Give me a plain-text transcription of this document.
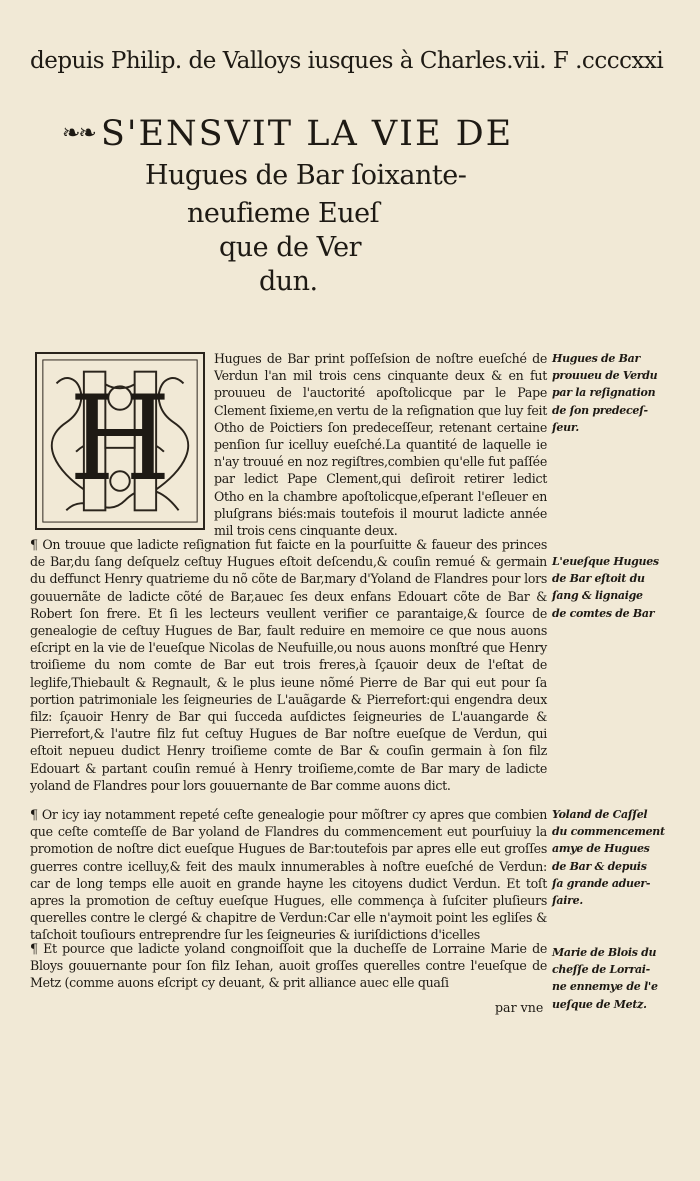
depuis Philip. de Valloys iusques à Charles.vii. F .ccccxxi
❧❧ S'ENSVIT LA VIE DE
Hugues de Bar ſoixante-
neufieme Eueſ
que de Ver
dun.
H

Hugues de Bar print poſſeſsion de noſtre eueſché de Verdun l'an mil trois cens cinquante deux & en fut prouueu de l'auctorité apoſtolicque par le Pape Clement ſixieme,en vertu de la reſignation que luy feit Otho de Poictiers ſon predeceſſeur, retenant certaine penſion ſur icelluy eueſché.La quantité de laquelle ie n'ay trouué en noz regiſtres,combien qu'elle fut paſſée par ledict Pape Clement,qui deſiroit retirer ledict Otho en la chambre apoſtolicque,eſperant l'eſleuer en pluſgrans biés:mais toutefois il mourut ladicte année mil trois cens cinquante deux.

¶ On trouue que ladicte reſignation fut faicte en la pourſuitte & faueur des princes de Bar,du ſang deſquelz ceſtuy Hugues eſtoit deſcendu,& couſin remué & germain du deffunct Henry quatrieme du nõ cõte de Bar,mary d'Yoland de Flandres pour lors gouuernãte de ladicte cõté de Bar,auec ſes deux enfans Edouart cõte de Bar & Robert ſon frere. Et ſi les lecteurs veullent verifier ce parantaige,& ſource de genealogie de ceſtuy Hugues de Bar, fault reduire en memoire ce que nous auons eſcript en la vie de l'eueſque Nicolas de Neufuille,ou nous auons monſtré que Henry troiſieme du nom comte de Bar eut trois freres,à ſçauoir deux de l'eſtat de leglife,Thiebault & Regnault, & le plus ieune nõmé Pierre de Bar qui eut pour ſa portion patrimoniale les ſeigneuries de L'auãgarde & Pierrefort:qui engendra deux filz: ſçauoir Henry de Bar qui ſucceda auſdictes ſeigneuries de L'auangarde & Pierrefort,& l'autre filz fut ceſtuy Hugues de Bar noſtre eueſque de Verdun, qui eſtoit nepueu dudict Henry troiſieme comte de Bar & couſin germain à ſon filz Edouart & partant couſin remué à Henry troiſieme,comte de Bar mary de ladicte yoland de Flandres pour lors gouuernante de Bar comme auons dict.

¶ Or icy iay notamment repeté ceſte genealogie pour mõſtrer cy apres que combien que ceſte comteſſe de Bar yoland de Flandres du commencement eut pourſuiuy la promotion de noſtre dict eueſque Hugues de Bar:toutefois par apres elle eut groſſes guerres contre icelluy,& feit des maulx innumerables à noſtre eueſché de Verdun: car de long temps elle auoit en grande hayne les citoyens dudict Verdun. Et toſt apres la promotion de ceſtuy eueſque Hugues, elle commença à ſuſciter pluſieurs querelles contre le clergé & chapitre de Verdun:Car elle n'aymoit point les egliſes & taſchoit touſiours entreprendre ſur les ſeigneuries & iuriſdictions d'icelles

¶ Et pource que ladicte yoland congnoiſſoit que la ducheſſe de Lorraine Marie de Bloys gouuernante pour ſon filz Iehan, auoit groſſes querelles contre l'eueſque de Metz (comme auons eſcript cy deuant, & prit alliance auec elle quaſi

par vne
Hugues de Bar
prouueu de Verdu
par la reſignation
de ſon predeceſ-
ſeur.
L'eueſque Hugues
de Bar eſtoit du
ſang & lignaige
de comtes de Bar
Yoland de Caſſel
du commencement
amye de Hugues
de Bar & depuis
ſa grande aduer-
ſaire.
Marie de Blois du
cheſſe de Lorrai-
ne ennemye de l'e
ueſque de Metz.
